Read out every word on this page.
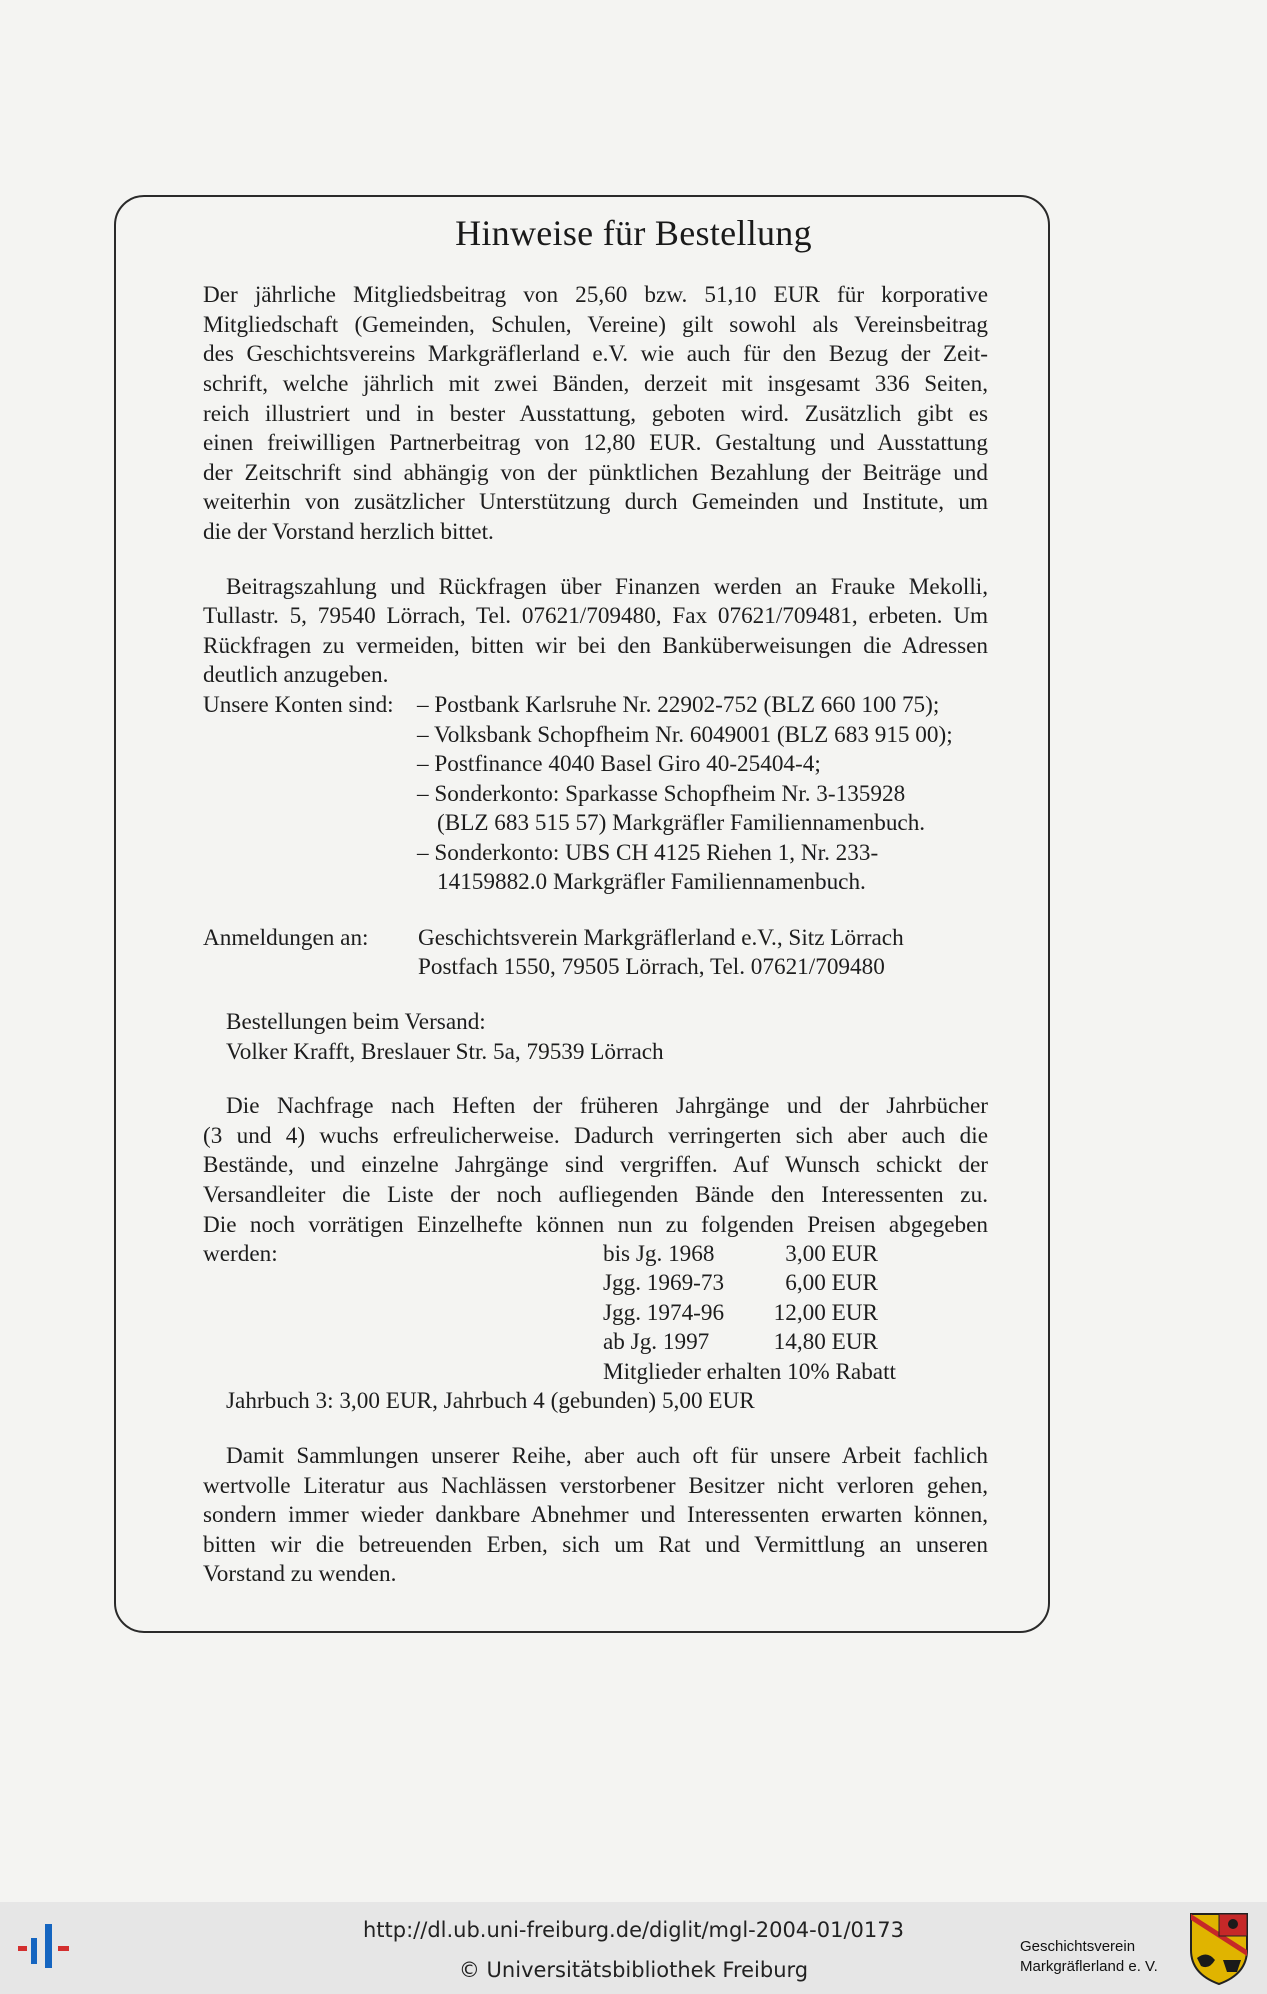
Hinweise für Bestellung
Der jährliche Mitgliedsbeitrag von 25,60 bzw. 51,10 EUR für korporative
Mitgliedschaft (Gemeinden, Schulen, Vereine) gilt sowohl als Vereinsbeitrag
des Geschichtsvereins Markgräflerland e.V. wie auch für den Bezug der Zeit-
schrift, welche jährlich mit zwei Bänden, derzeit mit insgesamt 336 Seiten,
reich illustriert und in bester Ausstattung, geboten wird. Zusätzlich gibt es
einen freiwilligen Partnerbeitrag von 12,80 EUR. Gestaltung und Ausstattung
der Zeitschrift sind abhängig von der pünktlichen Bezahlung der Beiträge und
weiterhin von zusätzlicher Unterstützung durch Gemeinden und Institute, um
die der Vorstand herzlich bittet.
Beitragszahlung und Rückfragen über Finanzen werden an Frauke Mekolli,
Tullastr. 5, 79540 Lörrach, Tel. 07621/709480, Fax 07621/709481, erbeten. Um
Rückfragen zu vermeiden, bitten wir bei den Banküberweisungen die Adressen
deutlich anzugeben.
Unsere Konten sind: – Postbank Karlsruhe Nr. 22902-752 (BLZ 660 100 75);
– Volksbank Schopfheim Nr. 6049001 (BLZ 683 915 00);
– Postfinance 4040 Basel Giro 40-25404-4;
– Sonderkonto: Sparkasse Schopfheim Nr. 3-135928
(BLZ 683 515 57) Markgräfler Familiennamenbuch.
– Sonderkonto: UBS CH 4125 Riehen 1, Nr. 233-
14159882.0 Markgräfler Familiennamenbuch.
Anmeldungen an: Geschichtsverein Markgräflerland e.V., Sitz Lörrach
Postfach 1550, 79505 Lörrach, Tel. 07621/709480
Bestellungen beim Versand:
Volker Krafft, Breslauer Str. 5a, 79539 Lörrach
Die Nachfrage nach Heften der früheren Jahrgänge und der Jahrbücher
(3 und 4) wuchs erfreulicherweise. Dadurch verringerten sich aber auch die
Bestände, und einzelne Jahrgänge sind vergriffen. Auf Wunsch schickt der
Versandleiter die Liste der noch aufliegenden Bände den Interessenten zu.
Die noch vorrätigen Einzelhefte können nun zu folgenden Preisen abgegeben
werden:	bis Jg. 1968	3,00 EUR
Jgg. 1969-73	6,00 EUR
Jgg. 1974-96	12,00 EUR
ab Jg. 1997	14,80 EUR
Mitglieder erhalten 10% Rabatt
Jahrbuch 3: 3,00 EUR, Jahrbuch 4 (gebunden) 5,00 EUR
Damit Sammlungen unserer Reihe, aber auch oft für unsere Arbeit fachlich
wertvolle Literatur aus Nachlässen verstorbener Besitzer nicht verloren gehen,
sondern immer wieder dankbare Abnehmer und Interessenten erwarten können,
bitten wir die betreuenden Erben, sich um Rat und Vermittlung an unseren
Vorstand zu wenden.
http://dl.ub.uni-freiburg.de/diglit/mgl-2004-01/0173
© Universitätsbibliothek Freiburg
Geschichtsverein
Markgräflerland e. V.
